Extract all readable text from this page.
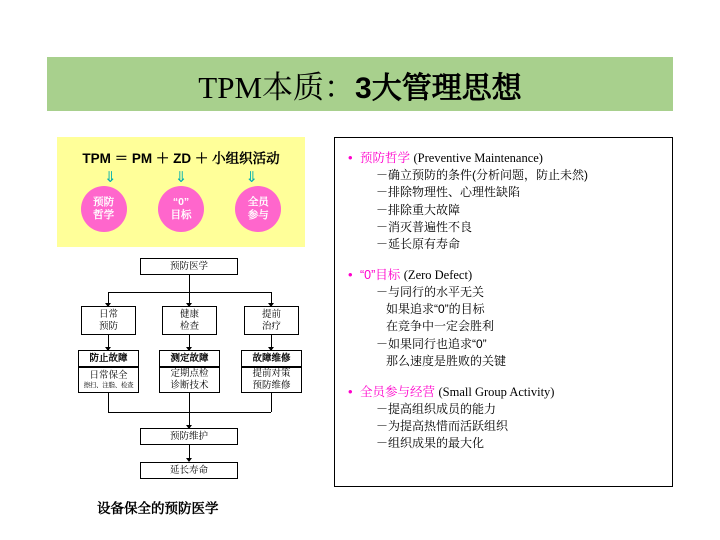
TPM本质：3大管理思想
TPM ＝ PM ＋ ZD ＋ 小组织活动
⇓	⇓	⇓
预防
哲学
“0”
目标
全员
参与
预防医学
日常
预防
健康
检查
提前
治疗
防止故障
日常保全
擦扫、注脂、检查
测定故障
定期点检
诊断技术
故障维修
提前对策
预防维修
预防维护
延长寿命
• 预防哲学 (Preventive Maintenance)
－确立预防的条件(分析问题，防止未然)
－排除物理性、心理性缺陷
－排除重大故障
－消灭普遍性不良
－延长原有寿命
• “0”目标 (Zero Defect)
－与同行的水平无关
如果追求“0”的目标
在竞争中一定会胜利
－如果同行也追求“0”
那么速度是胜败的关键
• 全员参与经营 (Small Group Activity)
－提高组织成员的能力
－为提高热惜而活跃组织
－组织成果的最大化
设备保全的预防医学
